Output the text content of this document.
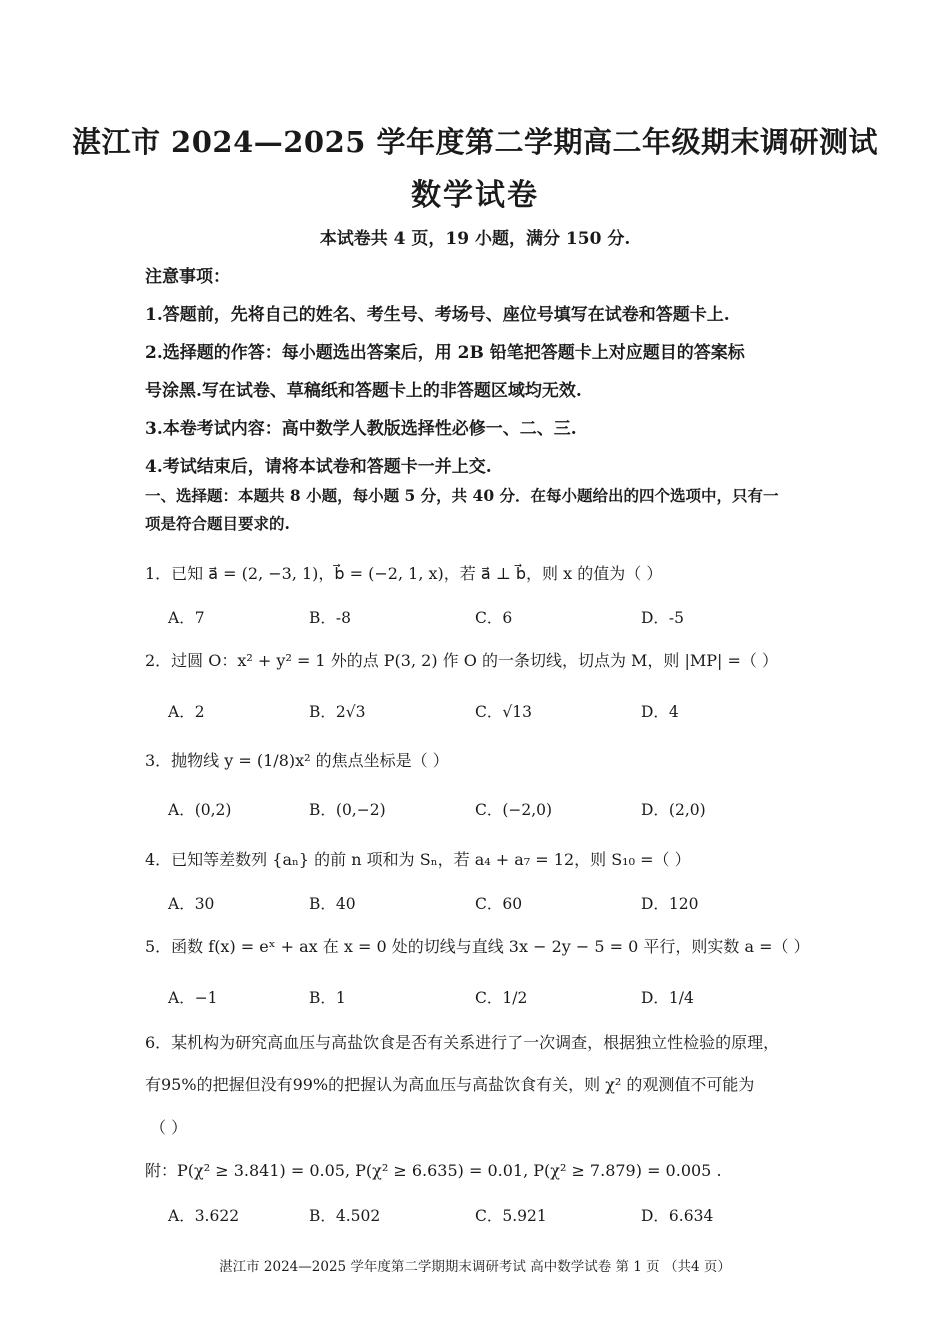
湛江市 2024—2025 学年度第二学期高二年级期末调研测试
数学试卷
本试卷共 4 页，19 小题，满分 150 分.
注意事项：
1.答题前，先将自己的姓名、考生号、考场号、座位号填写在试卷和答题卡上.
2.选择题的作答：每小题选出答案后，用 2B 铅笔把答题卡上对应题目的答案标
号涂黑.写在试卷、草稿纸和答题卡上的非答题区域均无效.
3.本卷考试内容：高中数学人教版选择性必修一、二、三.
4.考试结束后，请将本试卷和答题卡一并上交.
一、选择题：本题共 8 小题，每小题 5 分，共 40 分．在每小题给出的四个选项中，只有一
项是符合题目要求的.
1．已知 a⃗ = (2, −3, 1)，b⃗ = (−2, 1, x)，若 a⃗ ⊥ b⃗，则 x 的值为（ ）
A．7	B．-8	C．6	D．-5
2．过圆 O：x² + y² = 1 外的点 P(3, 2) 作 O 的一条切线，切点为 M，则 |MP| =（ ）
A．2	B．2√3	C．√13	D．4
3．抛物线 y = (1/8)x² 的焦点坐标是（ ）
A．(0,2)	B．(0,−2)	C．(−2,0)	D．(2,0)
4．已知等差数列 {aₙ} 的前 n 项和为 Sₙ，若 a₄ + a₇ = 12，则 S₁₀ =（ ）
A．30	B．40	C．60	D．120
5．函数 f(x) = eˣ + ax 在 x = 0 处的切线与直线 3x − 2y − 5 = 0 平行，则实数 a =（ ）
A．−1	B．1	C．1/2	D．1/4
6．某机构为研究高血压与高盐饮食是否有关系进行了一次调查，根据独立性检验的原理，
有95%的把握但没有99%的把握认为高血压与高盐饮食有关，则 χ² 的观测值不可能为
（ ）
附：P(χ² ≥ 3.841) = 0.05, P(χ² ≥ 6.635) = 0.01, P(χ² ≥ 7.879) = 0.005 .
A．3.622	B．4.502	C．5.921	D．6.634
湛江市 2024—2025 学年度第二学期期末调研考试 高中数学试卷 第 1 页 （共4 页）
